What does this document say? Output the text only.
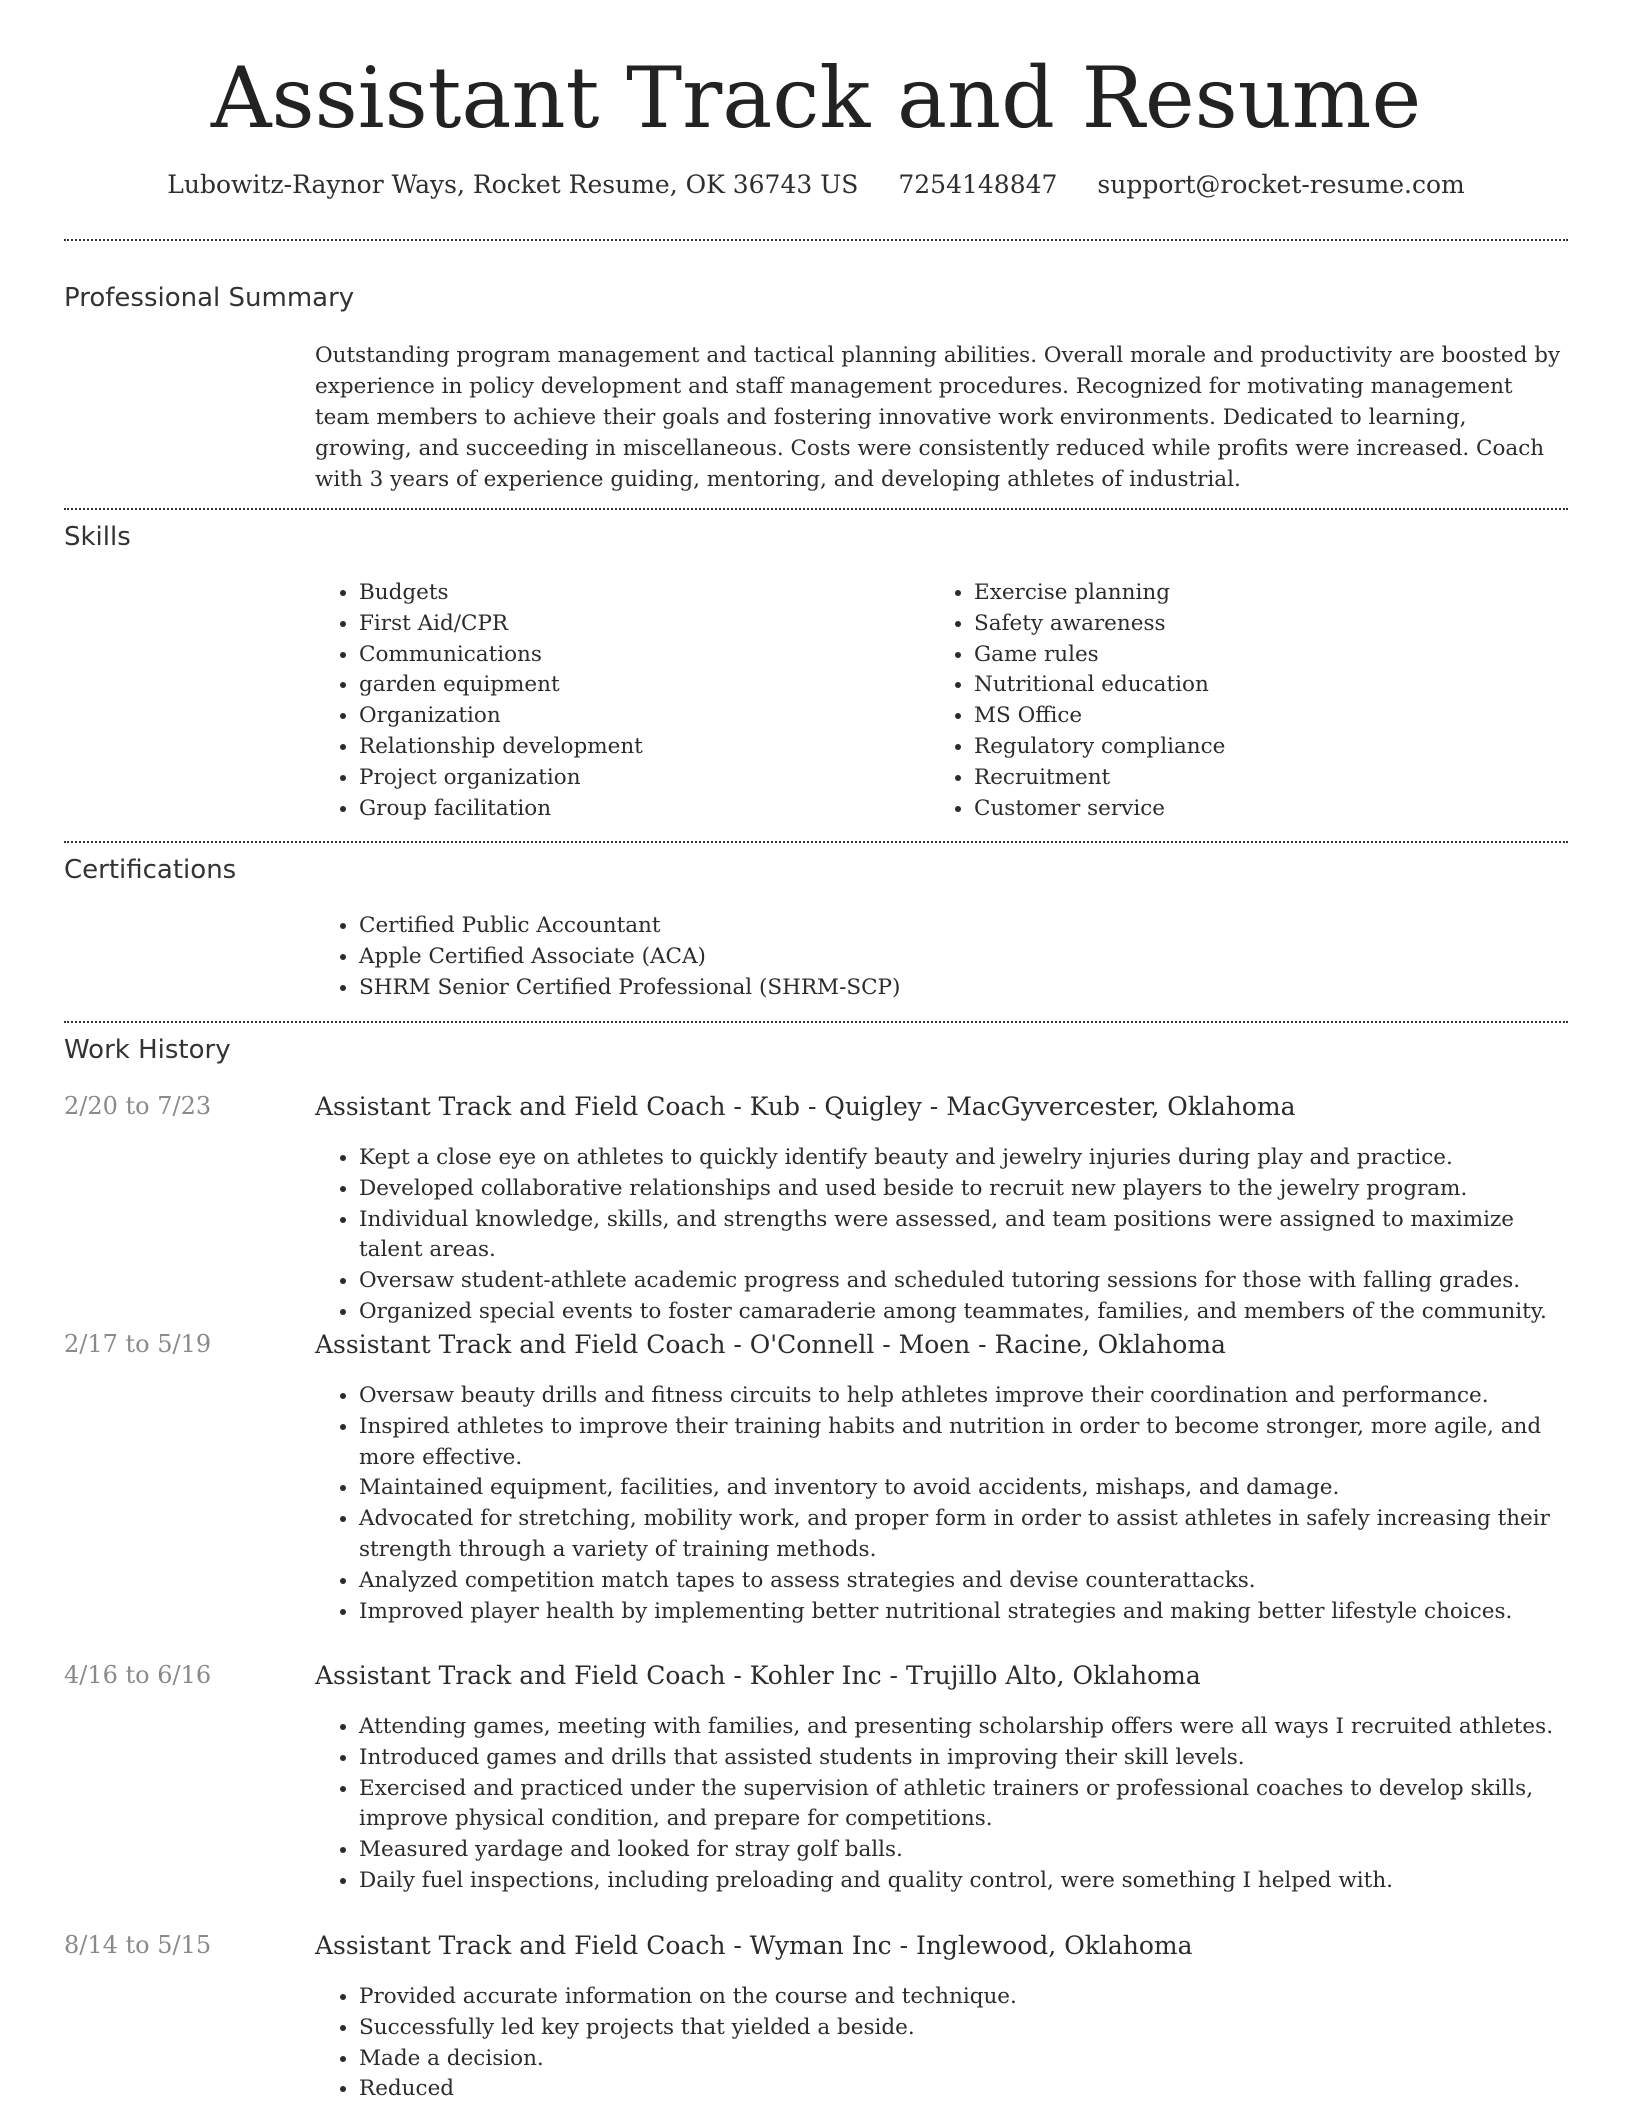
Assistant Track and Resume
Lubowitz-Raynor Ways, Rocket Resume, OK 36743 US 7254148847 support@rocket-resume.com
Professional Summary
Outstanding program management and tactical planning abilities. Overall morale and productivity are boosted by experience in policy development and staff management procedures. Recognized for motivating management team members to achieve their goals and fostering innovative work environments. Dedicated to learning, growing, and succeeding in miscellaneous. Costs were consistently reduced while profits were increased. Coach with 3 years of experience guiding, mentoring, and developing athletes of industrial.
Skills
• Budgets
• First Aid/CPR
• Communications
• garden equipment
• Organization
• Relationship development
• Project organization
• Group facilitation
• Exercise planning
• Safety awareness
• Game rules
• Nutritional education
• MS Office
• Regulatory compliance
• Recruitment
• Customer service
Certifications
• Certified Public Accountant
• Apple Certified Associate (ACA)
• SHRM Senior Certified Professional (SHRM-SCP)
Work History
2/20 to 7/23	Assistant Track and Field Coach - Kub - Quigley - MacGyvercester, Oklahoma
• Kept a close eye on athletes to quickly identify beauty and jewelry injuries during play and practice.
• Developed collaborative relationships and used beside to recruit new players to the jewelry program.
• Individual knowledge, skills, and strengths were assessed, and team positions were assigned to maximize talent areas.
• Oversaw student-athlete academic progress and scheduled tutoring sessions for those with falling grades.
• Organized special events to foster camaraderie among teammates, families, and members of the community.
2/17 to 5/19	Assistant Track and Field Coach - O'Connell - Moen - Racine, Oklahoma
• Oversaw beauty drills and fitness circuits to help athletes improve their coordination and performance.
• Inspired athletes to improve their training habits and nutrition in order to become stronger, more agile, and more effective.
• Maintained equipment, facilities, and inventory to avoid accidents, mishaps, and damage.
• Advocated for stretching, mobility work, and proper form in order to assist athletes in safely increasing their strength through a variety of training methods.
• Analyzed competition match tapes to assess strategies and devise counterattacks.
• Improved player health by implementing better nutritional strategies and making better lifestyle choices.
4/16 to 6/16	Assistant Track and Field Coach - Kohler Inc - Trujillo Alto, Oklahoma
• Attending games, meeting with families, and presenting scholarship offers were all ways I recruited athletes.
• Introduced games and drills that assisted students in improving their skill levels.
• Exercised and practiced under the supervision of athletic trainers or professional coaches to develop skills, improve physical condition, and prepare for competitions.
• Measured yardage and looked for stray golf balls.
• Daily fuel inspections, including preloading and quality control, were something I helped with.
8/14 to 5/15	Assistant Track and Field Coach - Wyman Inc - Inglewood, Oklahoma
• Provided accurate information on the course and technique.
• Successfully led key projects that yielded a beside.
• Made a decision.
• Reduced
